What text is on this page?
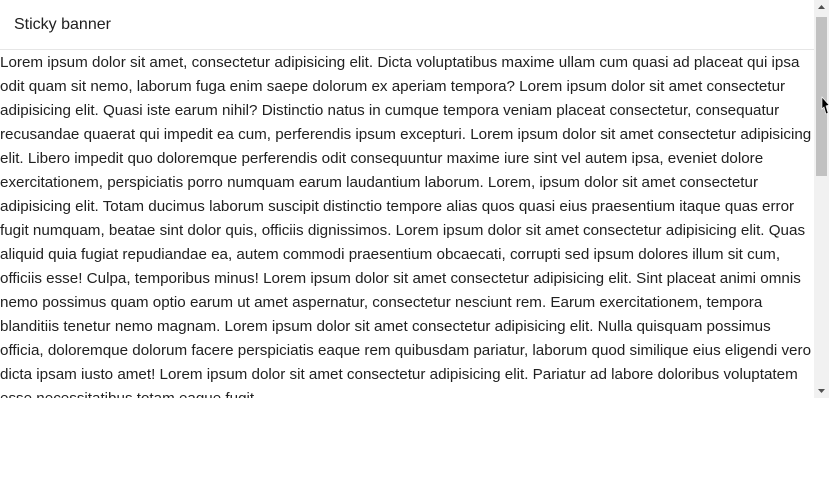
Lorem ipsum dolor sit amet, consectetur adipisicing elit. Dicta voluptatibus maxime ullam cum quasi ad placeat qui ipsa odit quam sit nemo, laborum fuga enim saepe dolorum ex aperiam tempora? Lorem ipsum dolor sit amet consectetur adipisicing elit. Quasi iste earum nihil? Distinctio natus in cumque tempora veniam placeat consectetur, consequatur recusandae quaerat qui impedit ea cum, perferendis ipsum excepturi. Lorem ipsum dolor sit amet consectetur adipisicing elit. Libero impedit quo doloremque perferendis odit consequuntur maxime iure sint vel autem ipsa, eveniet dolore exercitationem, perspiciatis porro numquam earum laudantium laborum. Lorem, ipsum dolor sit amet consectetur adipisicing elit. Totam ducimus laborum suscipit distinctio tempore alias quos quasi eius praesentium itaque quas error fugit numquam, beatae sint dolor quis, officiis dignissimos. Lorem ipsum dolor sit amet consectetur adipisicing elit. Quas aliquid quia fugiat repudiandae ea, autem commodi praesentium obcaecati, corrupti sed ipsum dolores illum sit cum, officiis esse! Culpa, temporibus minus! Lorem ipsum dolor sit amet consectetur adipisicing elit. Sint placeat animi omnis nemo possimus quam optio earum ut amet aspernatur, consectetur nesciunt rem. Earum exercitationem, tempora blanditiis tenetur nemo magnam. Lorem ipsum dolor sit amet consectetur adipisicing elit. Nulla quisquam possimus officia, doloremque dolorum facere perspiciatis eaque rem quibusdam pariatur, laborum quod similique eius eligendi vero dicta ipsam iusto amet! Lorem ipsum dolor sit amet consectetur adipisicing elit. Pariatur ad labore doloribus voluptatem

Sticky banner
